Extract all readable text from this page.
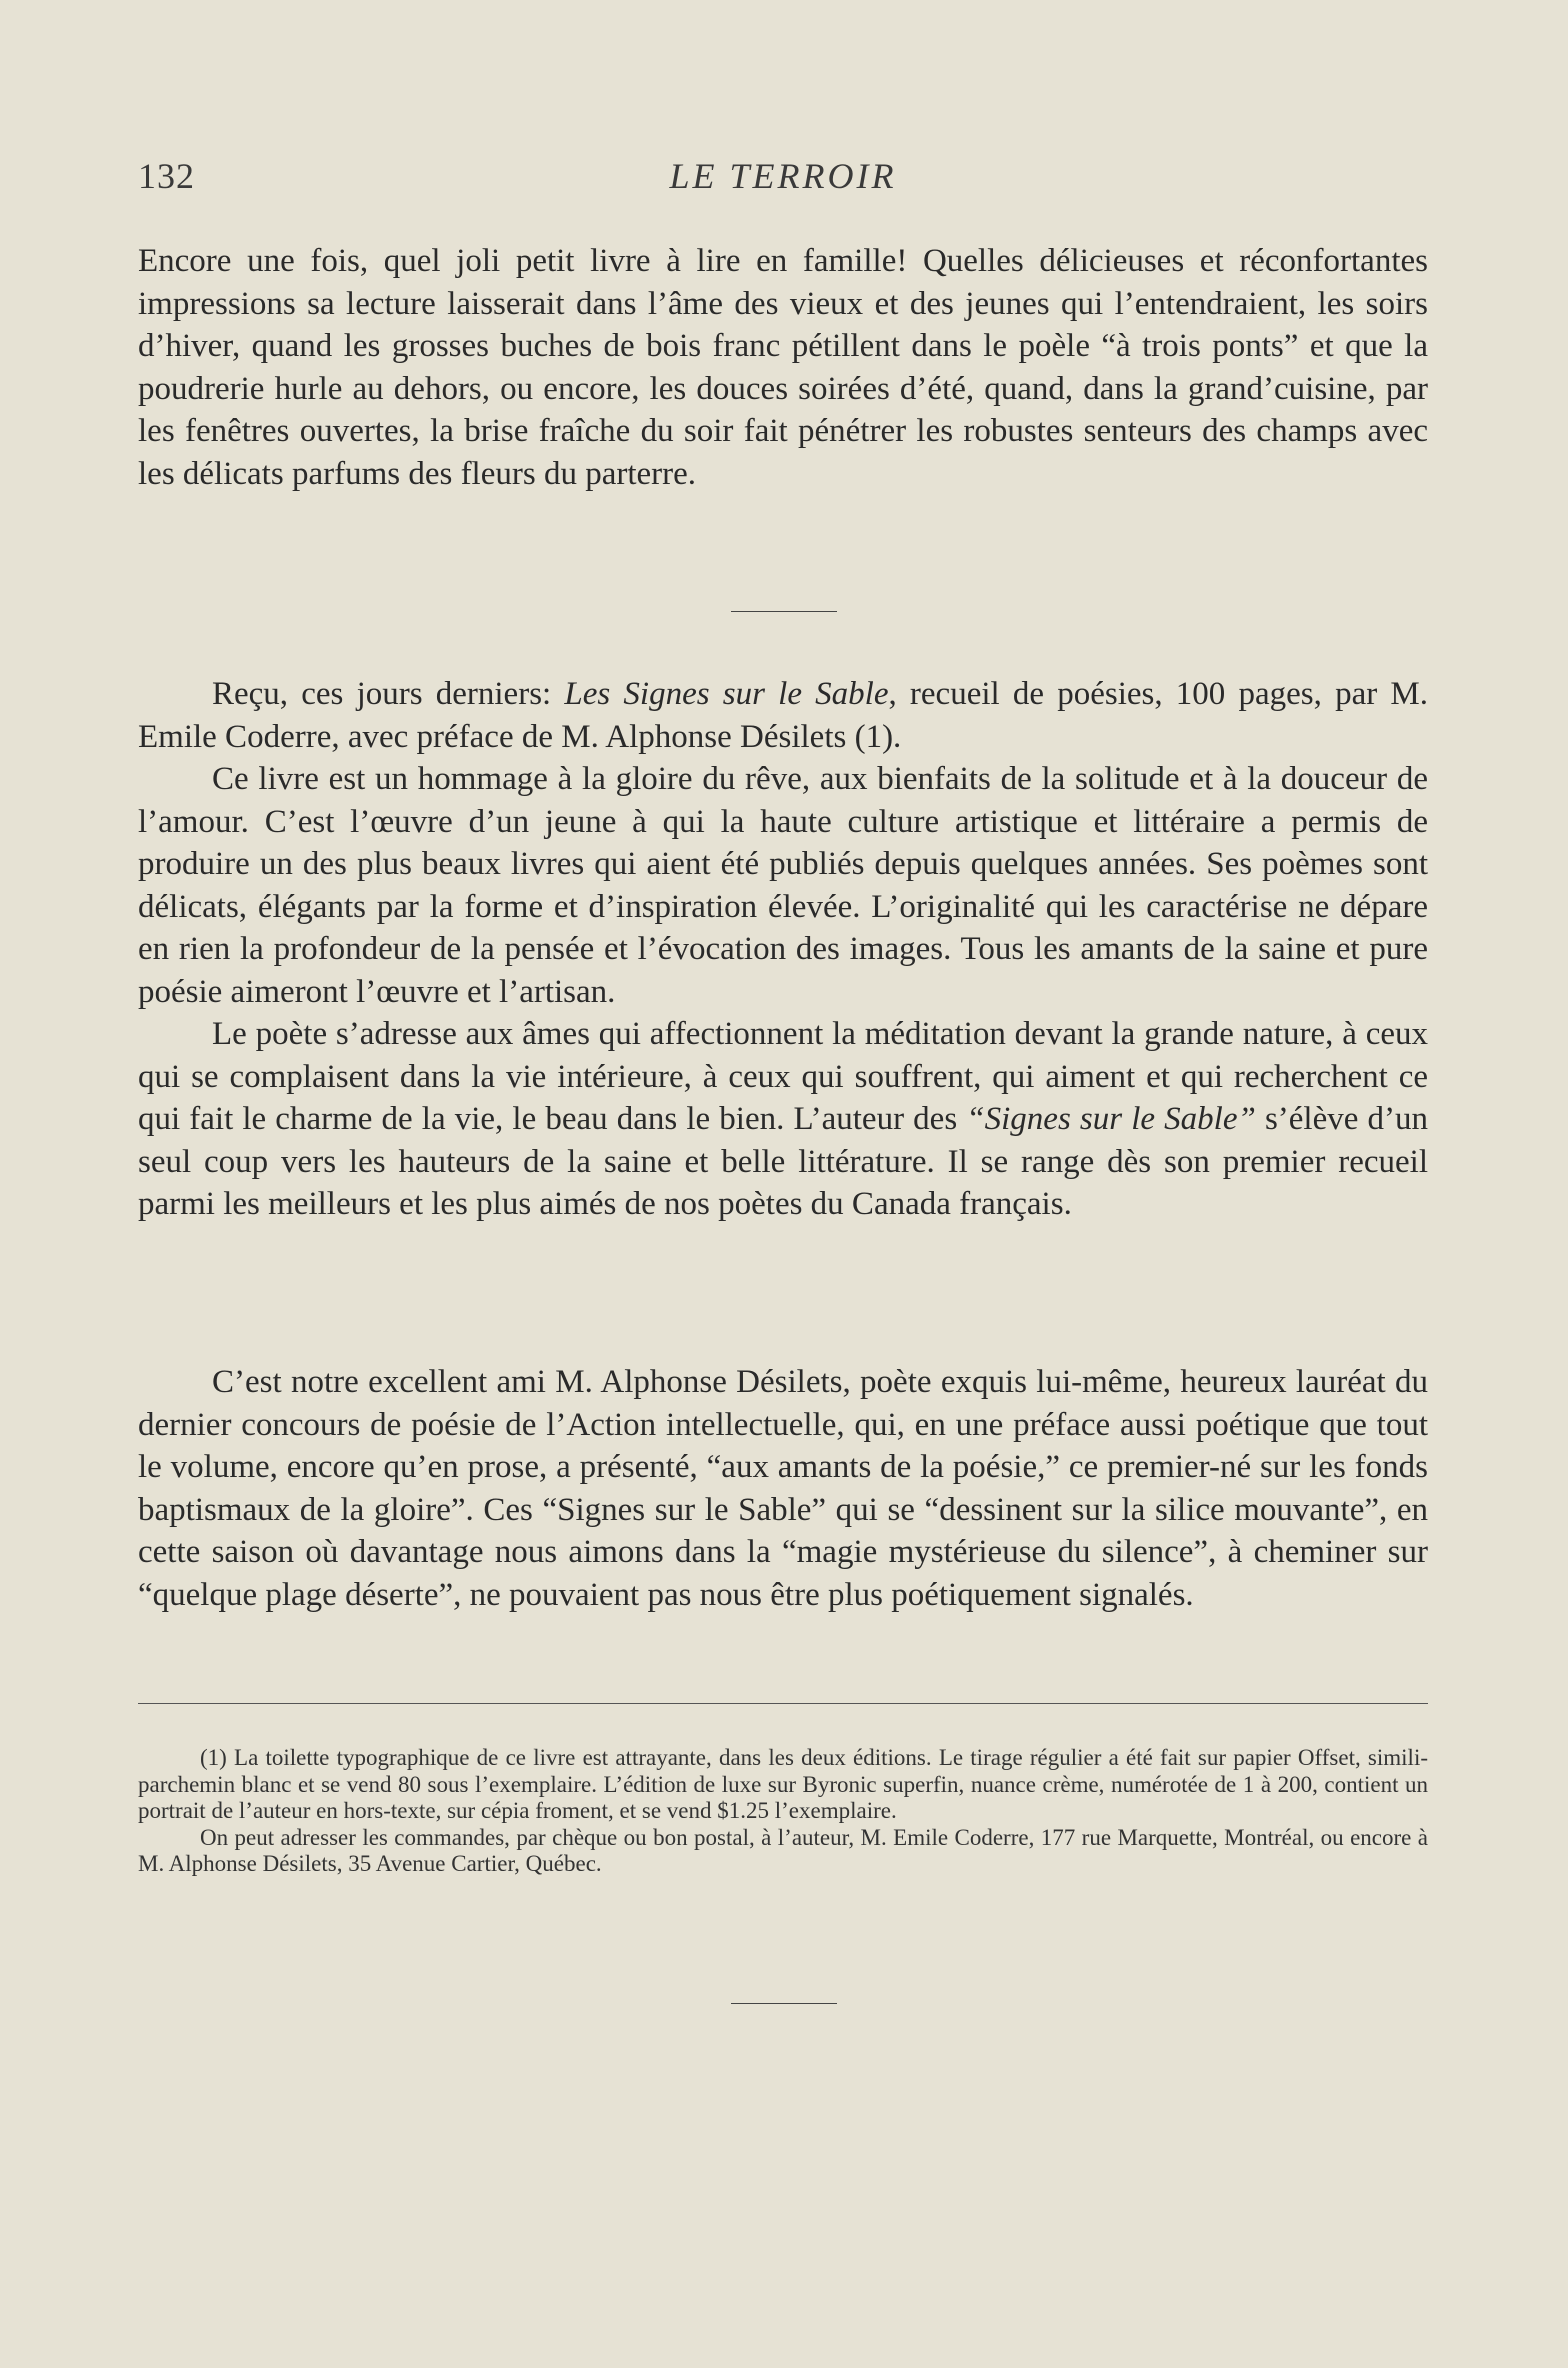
132	LE TERROIR

Encore une fois, quel joli petit livre à lire en famille! Quelles délicieuses et réconfortantes impressions sa lecture laisserait dans l’âme des vieux et des jeunes qui l’entendraient, les soirs d’hiver, quand les grosses buches de bois franc pétillent dans le poèle “à trois ponts” et que la poudrerie hurle au dehors, ou encore, les douces soirées d’été, quand, dans la grand’cuisine, par les fenêtres ouvertes, la brise fraîche du soir fait pénétrer les robustes senteurs des champs avec les délicats parfums des fleurs du parterre.

Reçu, ces jours derniers: Les Signes sur le Sable, recueil de poésies, 100 pages, par M. Emile Coderre, avec préface de M. Alphonse Désilets (1).

Ce livre est un hommage à la gloire du rêve, aux bienfaits de la solitude et à la douceur de l’amour. C’est l’œuvre d’un jeune à qui la haute culture artistique et littéraire a permis de produire un des plus beaux livres qui aient été publiés depuis quelques années. Ses poèmes sont délicats, élégants par la forme et d’inspiration élevée. L’originalité qui les caractérise ne dépare en rien la profondeur de la pensée et l’évocation des images. Tous les amants de la saine et pure poésie aimeront l’œuvre et l’artisan.

Le poète s’adresse aux âmes qui affectionnent la méditation devant la grande nature, à ceux qui se complaisent dans la vie intérieure, à ceux qui souffrent, qui aiment et qui recherchent ce qui fait le charme de la vie, le beau dans le bien. L’auteur des “Signes sur le Sable” s’élève d’un seul coup vers les hauteurs de la saine et belle littérature. Il se range dès son premier recueil parmi les meilleurs et les plus aimés de nos poètes du Canada français.

C’est notre excellent ami M. Alphonse Désilets, poète exquis lui-même, heureux lauréat du dernier concours de poésie de l’Action intellectuelle, qui, en une préface aussi poétique que tout le volume, encore qu’en prose, a présenté, “aux amants de la poésie,” ce premier-né sur les fonds baptismaux de la gloire”. Ces “Signes sur le Sable” qui se “dessinent sur la silice mouvante”, en cette saison où davantage nous aimons dans la “magie mystérieuse du silence”, à cheminer sur “quelque plage déserte”, ne pouvaient pas nous être plus poétiquement signalés.

(1) La toilette typographique de ce livre est attrayante, dans les deux éditions. Le tirage régulier a été fait sur papier Offset, simili-parchemin blanc et se vend 80 sous l’exemplaire. L’édition de luxe sur Byronic superfin, nuance crème, numérotée de 1 à 200, contient un portrait de l’auteur en hors-texte, sur cépia froment, et se vend $1.25 l’exemplaire.

On peut adresser les commandes, par chèque ou bon postal, à l’auteur, M. Emile Coderre, 177 rue Marquette, Montréal, ou encore à M. Alphonse Désilets, 35 Avenue Cartier, Québec.
